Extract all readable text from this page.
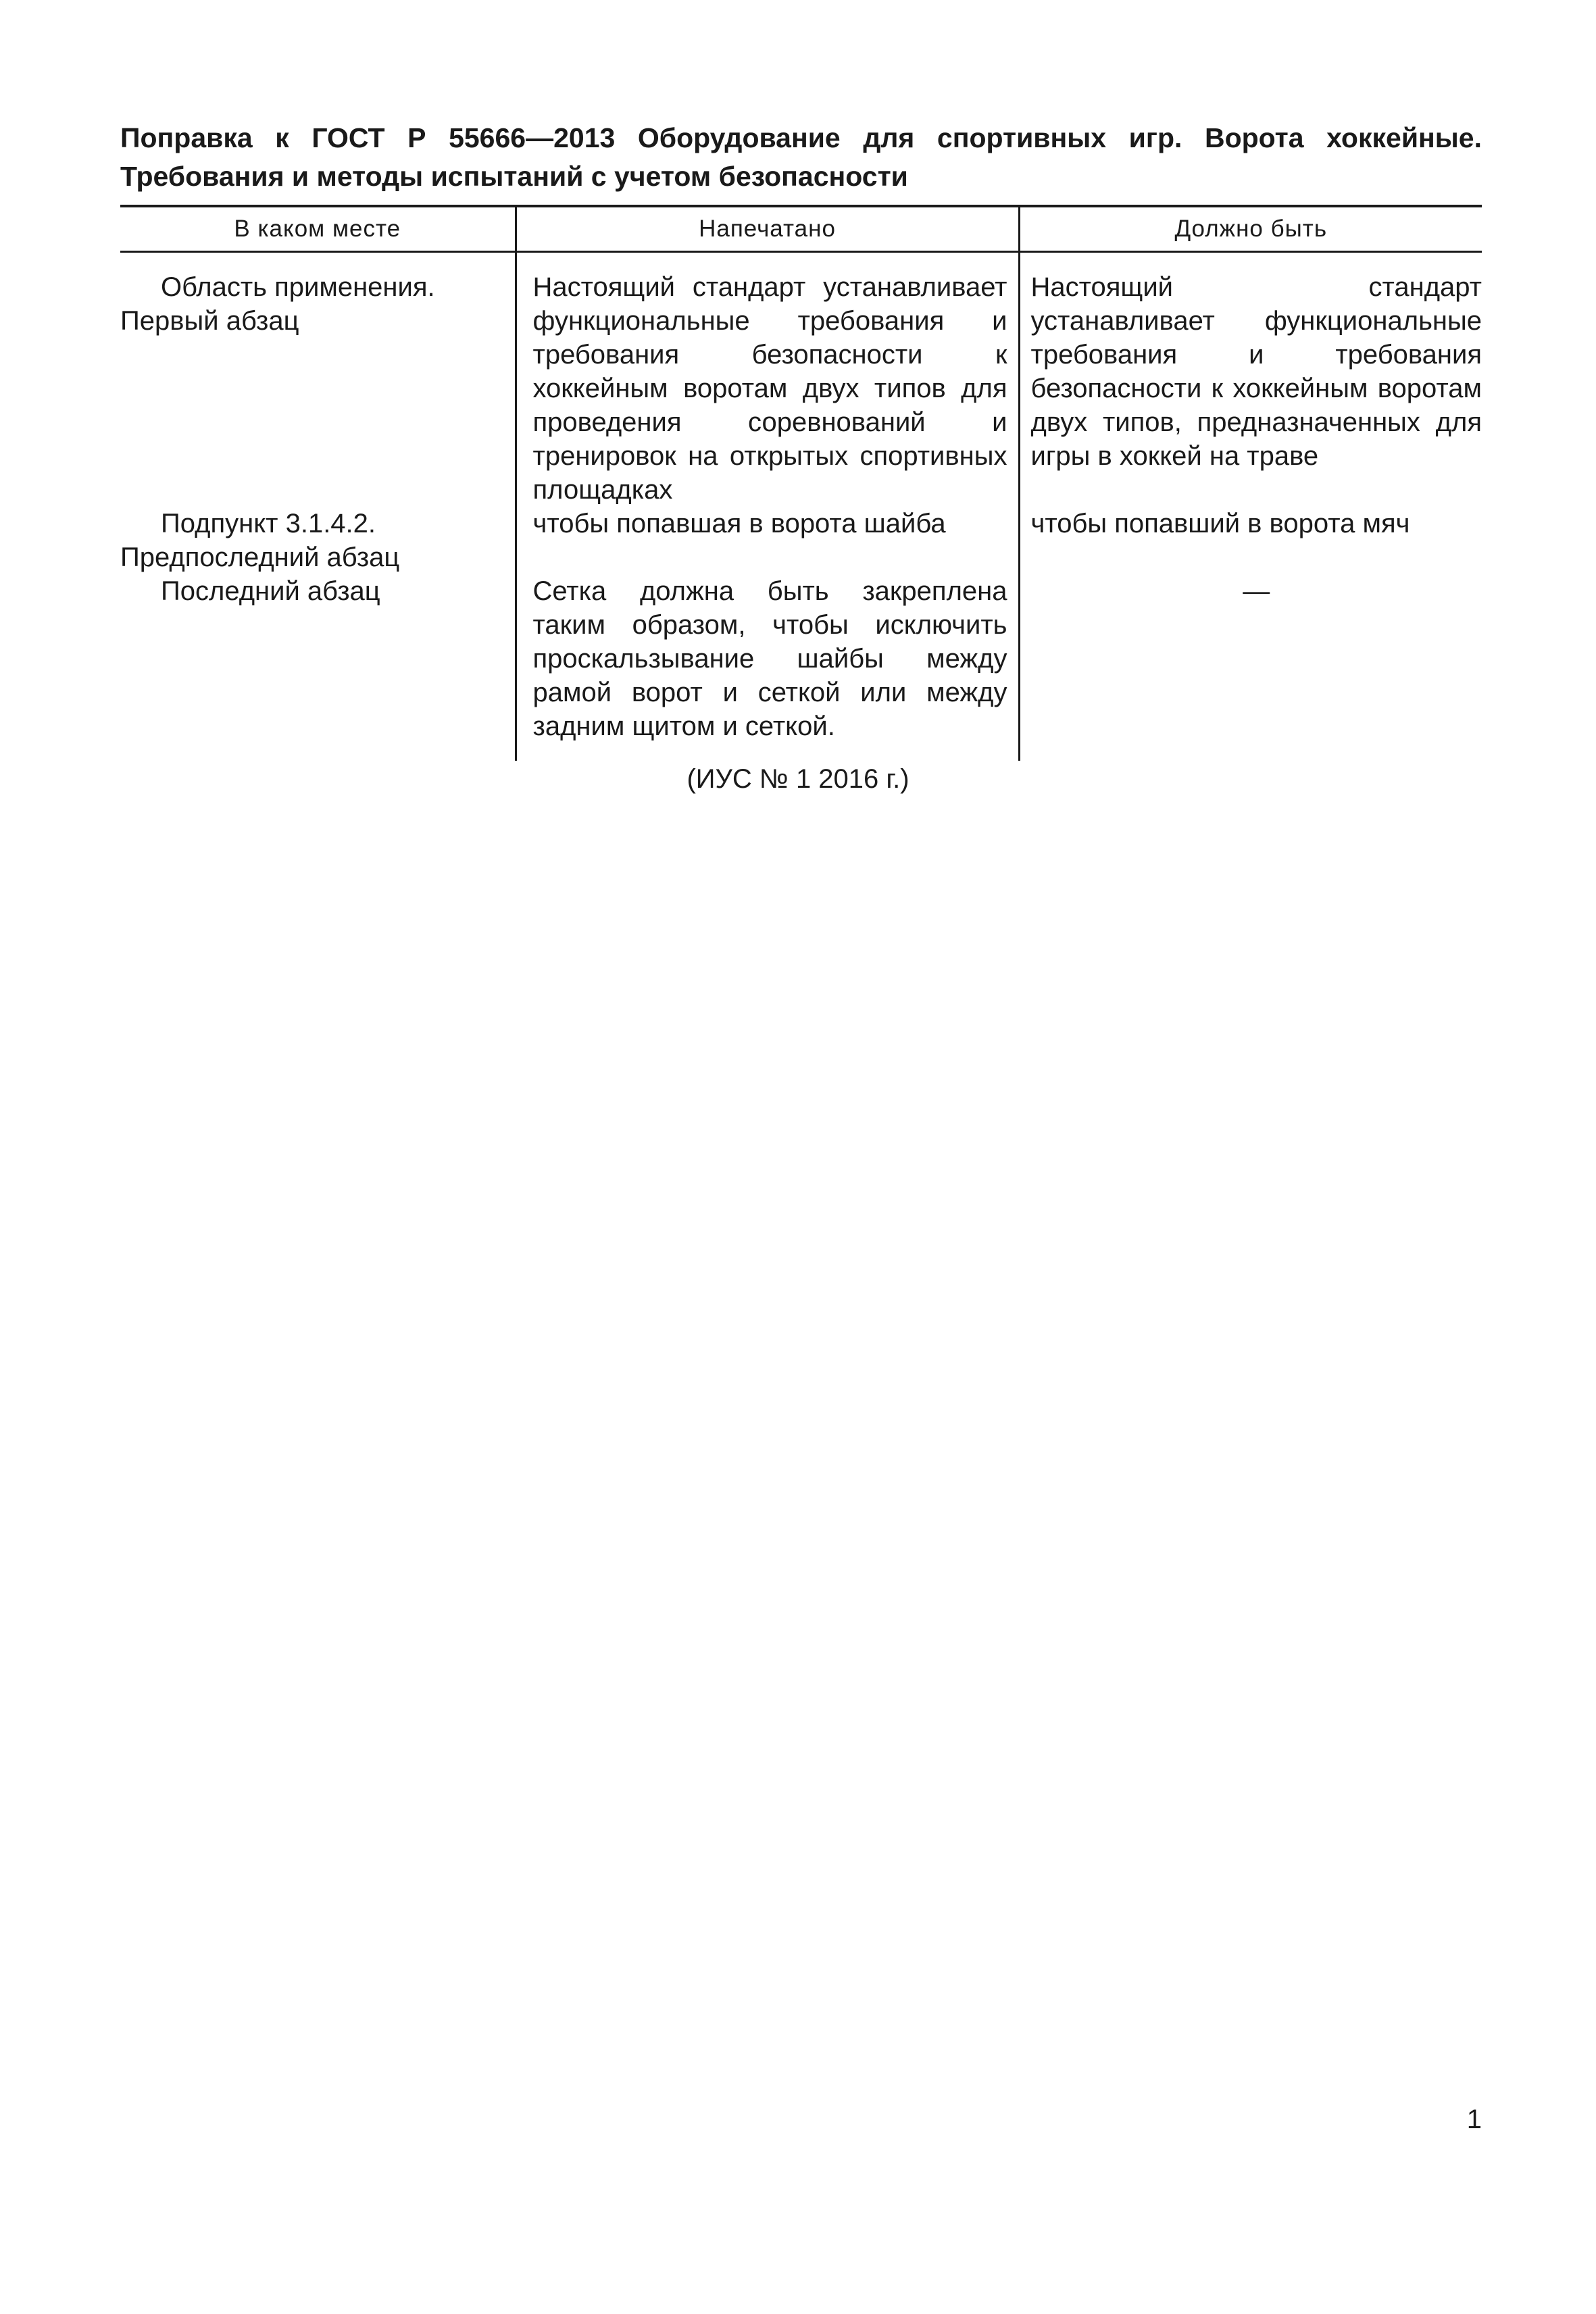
Поправка к ГОСТ Р 55666—2013 Оборудование для спортивных игр. Ворота хоккейные. Требования и методы испытаний с учетом безопасности
В каком месте	Напечатано	Должно быть

Область применения.
Первый абзац	Настоящий стандарт устанавливает функциональные требования и требования безопасности к хоккейным воротам двух типов для проведения соревнований и тренировок на открытых спортивных площадках	Настоящий стандарт устанавливает функциональные требования и требования безопасности к хоккейным воротам двух типов, предназначенных для игры в хоккей на траве

Подпункт 3.1.4.2.
Предпоследний абзац	чтобы попавшая в ворота шайба	чтобы попавший в ворота мяч

Последний абзац	Сетка должна быть закреплена таким образом, чтобы исключить проскальзывание шайбы между рамой ворот и сеткой или между задним щитом и сеткой.	—

(ИУС № 1 2016 г.)

1
